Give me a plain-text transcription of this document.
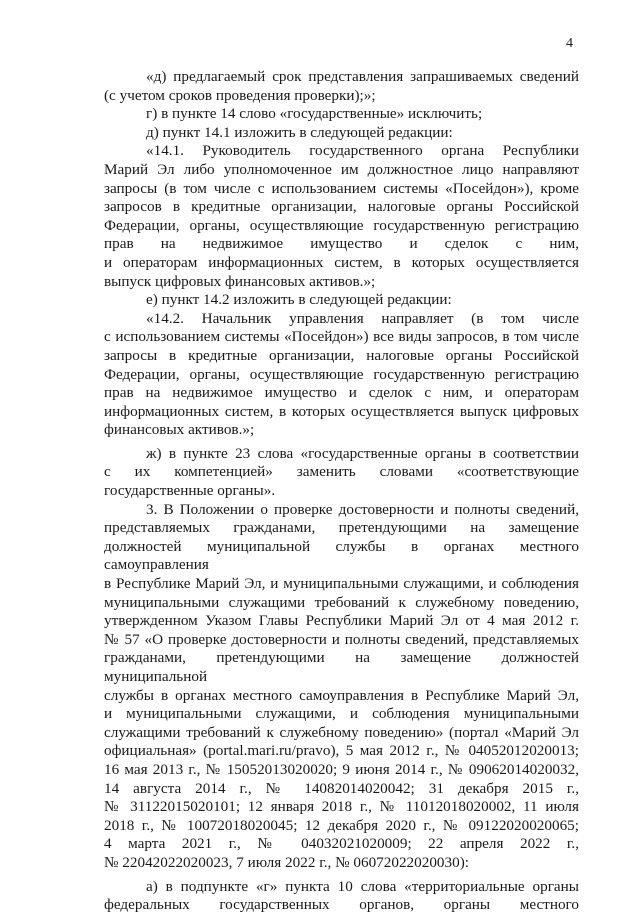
4

«д) предлагаемый срок представления запрашиваемых сведений
(с учетом сроков проведения проверки);»;

г) в пункте 14 слово «государственные» исключить;

д) пункт 14.1 изложить в следующей редакции:

«14.1. Руководитель государственного органа Республики
Марий Эл либо уполномоченное им должностное лицо направляют
запросы (в том числе с использованием системы «Посейдон»), кроме
запросов в кредитные организации, налоговые органы Российской
Федерации, органы, осуществляющие государственную регистрацию
прав на недвижимое имущество и сделок с ним,
и операторам информационных систем, в которых осуществляется
выпуск цифровых финансовых активов.»;

е) пункт 14.2 изложить в следующей редакции:

«14.2. Начальник управления направляет (в том числе
с использованием системы «Посейдон») все виды запросов, в том числе
запросы в кредитные организации, налоговые органы Российской
Федерации, органы, осуществляющие государственную регистрацию
прав на недвижимое имущество и сделок с ним, и операторам
информационных систем, в которых осуществляется выпуск цифровых
финансовых активов.»;

ж) в пункте 23 слова «государственные органы в соответствии
с их компетенцией» заменить словами «соответствующие
государственные органы».

3. В Положении о проверке достоверности и полноты сведений,
представляемых гражданами, претендующими на замещение
должностей муниципальной службы в органах местного самоуправления
в Республике Марий Эл, и муниципальными служащими, и соблюдения
муниципальными служащими требований к служебному поведению,
утвержденном Указом Главы Республики Марий Эл от 4 мая 2012 г.
№ 57 «О проверке достоверности и полноты сведений, представляемых
гражданами, претендующими на замещение должностей муниципальной
службы в органах местного самоуправления в Республике Марий Эл,
и муниципальными служащими, и соблюдения муниципальными
служащими требований к служебному поведению» (портал «Марий Эл
официальная» (portal.mari.ru/pravo), 5 мая 2012 г., № 04052012020013;
16 мая 2013 г., № 15052013020020; 9 июня 2014 г., № 09062014020032,
14 августа 2014 г., № 14082014020042; 31 декабря 2015 г.,
№ 31122015020101; 12 января 2018 г., № 11012018020002, 11 июля
2018 г., № 10072018020045; 12 декабря 2020 г., № 09122020020065;
4 марта 2021 г., № 04032021020009; 22 апреля 2022 г.,
№ 22042022020023, 7 июля 2022 г., № 06072022020030):

а) в подпункте «г» пункта 10 слова «территориальные органы
федеральных государственных органов, органы местного
